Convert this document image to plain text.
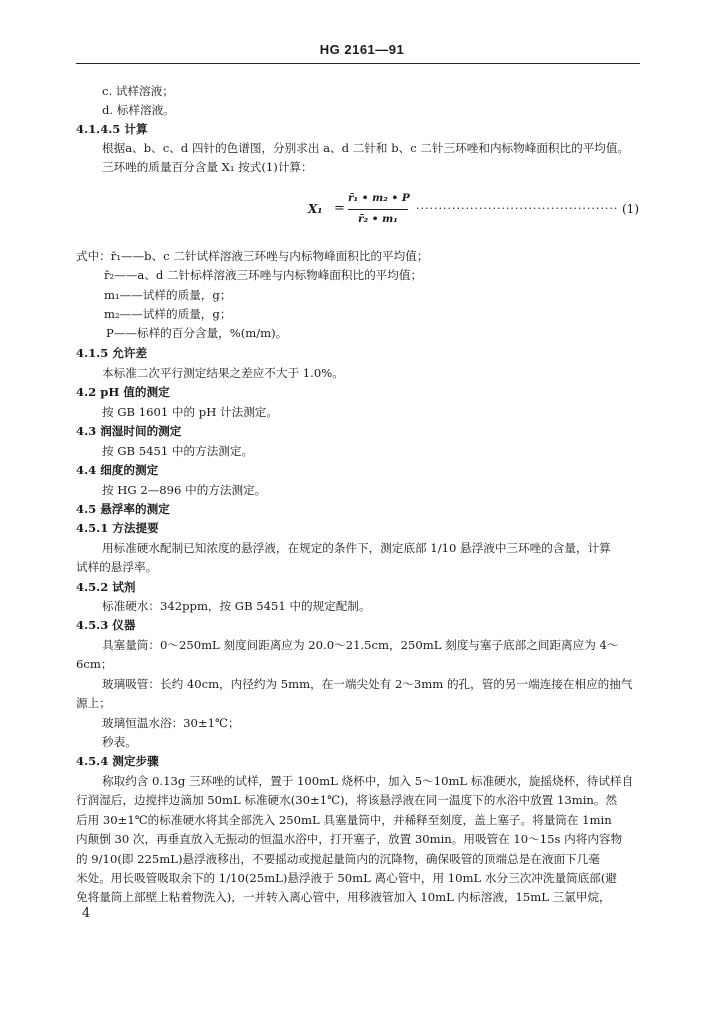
HG 2161—91
c. 试样溶液；
d. 标样溶液。
4.1.4.5 计算
根据a、b、c、d 四针的色谱图，分别求出 a、d 二针和 b、c 二针三环唑和内标物峰面积比的平均值。
三环唑的质量百分含量 X₁ 按式(1)计算：
X₁ =
r̄₁ • m₂ • P
r̄₂ • m₁
············································· (1)
式中：r̄₁——b、c 二针试样溶液三环唑与内标物峰面积比的平均值；
r̄₂——a、d 二针标样溶液三环唑与内标物峰面积比的平均值；
m₁——试样的质量，g；
m₂——试样的质量，g；
P——标样的百分含量，%(m/m)。
4.1.5 允许差
本标准二次平行测定结果之差应不大于 1.0%。
4.2 pH 值的测定
按 GB 1601 中的 pH 计法测定。
4.3 润湿时间的测定
按 GB 5451 中的方法测定。
4.4 细度的测定
按 HG 2—896 中的方法测定。
4.5 悬浮率的测定
4.5.1 方法提要
用标准硬水配制已知浓度的悬浮液，在规定的条件下，测定底部 1/10 悬浮液中三环唑的含量，计算
试样的悬浮率。
4.5.2 试剂
标准硬水：342ppm，按 GB 5451 中的规定配制。
4.5.3 仪器
具塞量筒：0～250mL 刻度间距离应为 20.0～21.5cm，250mL 刻度与塞子底部之间距离应为 4～
6cm；
玻璃吸管：长约 40cm，内径约为 5mm，在一端尖处有 2～3mm 的孔，管的另一端连接在相应的抽气
源上；
玻璃恒温水浴：30±1℃；
秒表。
4.5.4 测定步骤
称取约含 0.13g 三环唑的试样，置于 100mL 烧杯中，加入 5～10mL 标准硬水，旋摇烧杯，待试样自
行润湿后，边搅拌边滴加 50mL 标准硬水(30±1℃)，将该悬浮液在同一温度下的水浴中放置 13min。然
后用 30±1℃的标准硬水将其全部洗入 250mL 具塞量筒中，并稀释至刻度，盖上塞子。将量筒在 1min
内颠倒 30 次，再垂直放入无振动的恒温水浴中，打开塞子，放置 30min。用吸管在 10～15s 内将内容物
的 9/10(即 225mL)悬浮液移出，不要摇动或搅起量筒内的沉降物，确保吸管的顶端总是在液面下几毫
米处。用长吸管吸取余下的 1/10(25mL)悬浮液于 50mL 离心管中，用 10mL 水分三次冲洗量筒底部(避
免将量筒上部壁上粘着物洗入)，一并转入离心管中，用移液管加入 10mL 内标溶液，15mL 三氯甲烷，
4
